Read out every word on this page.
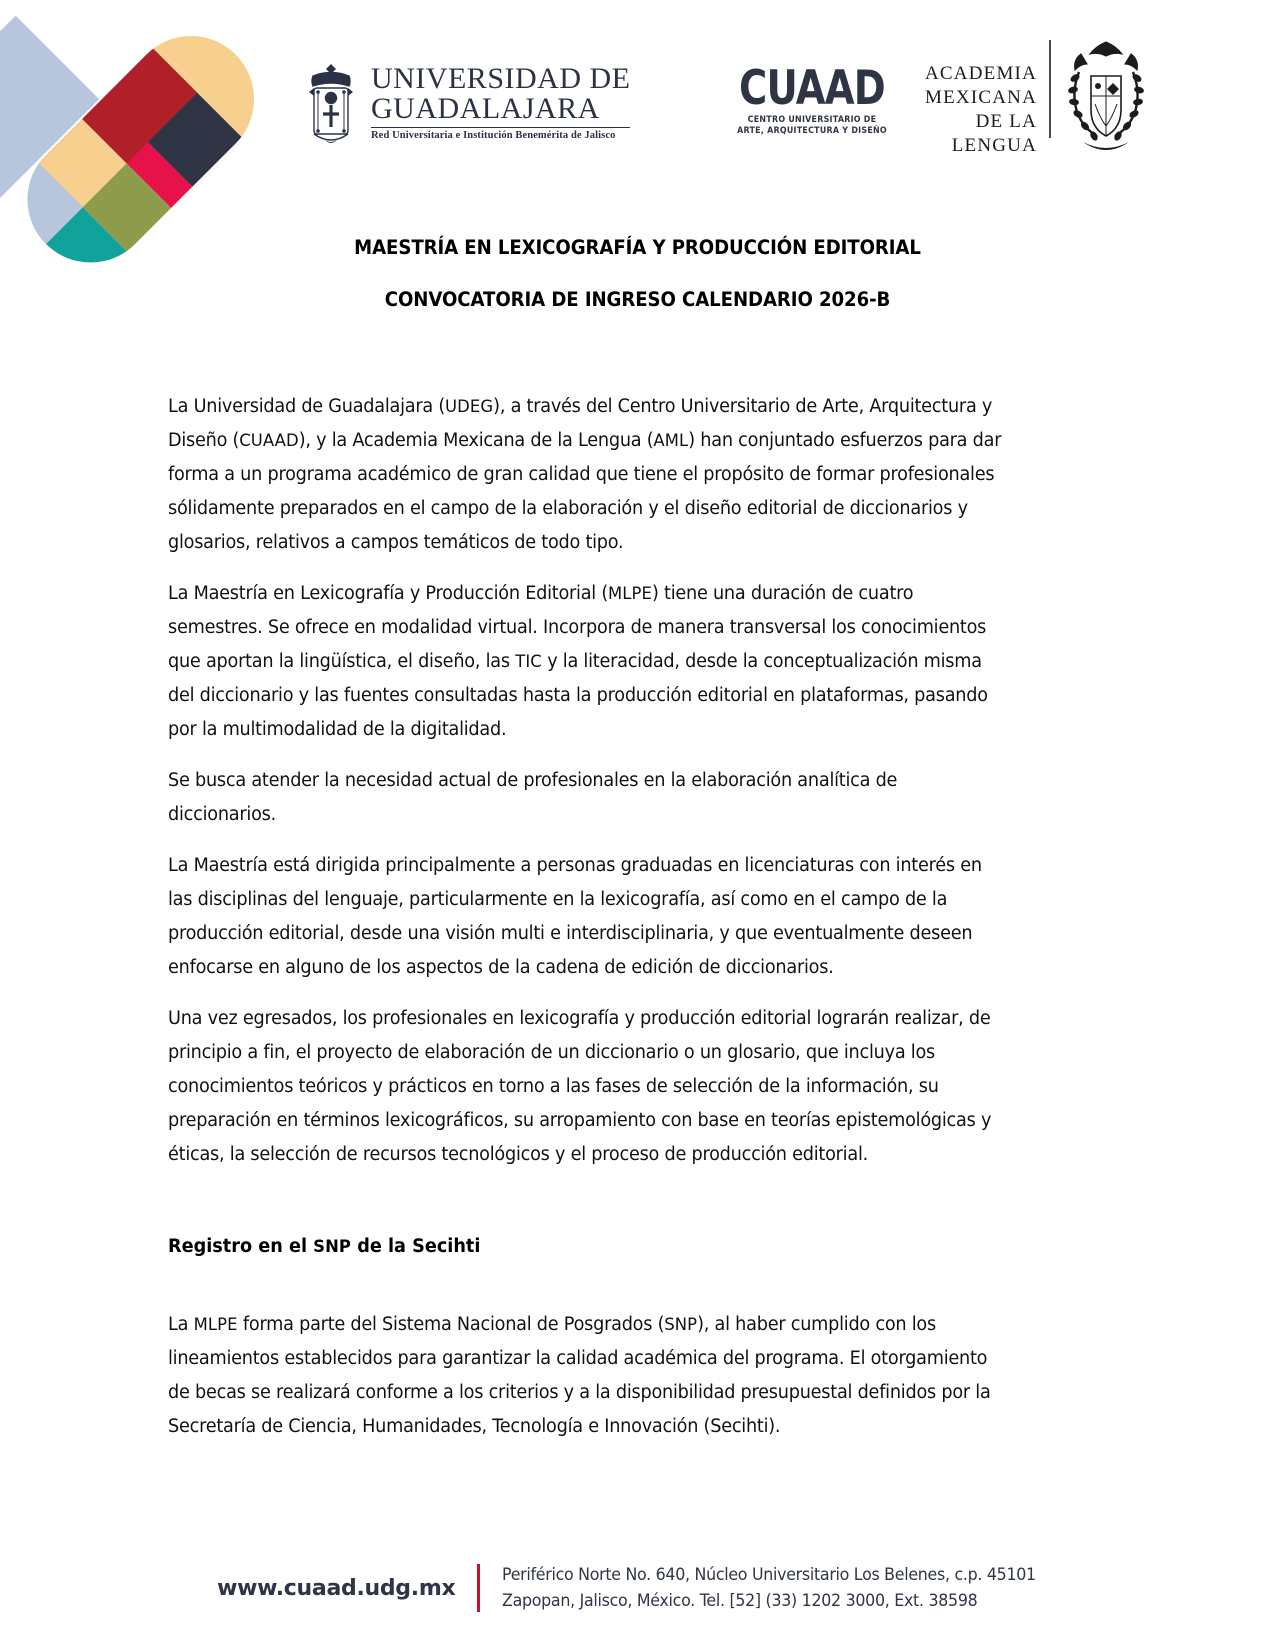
UNIVERSIDAD DE
GUADALAJARA
Red Universitaria e Institución Benemérita de Jalisco
CUAAD
CENTRO UNIVERSITARIO DE
ARTE, ARQUITECTURA Y DISEÑO
ACADEMIA
MEXICANA
DE LA
LENGUA
MAESTRÍA EN LEXICOGRAFÍA Y PRODUCCIÓN EDITORIAL
CONVOCATORIA DE INGRESO CALENDARIO 2026-B

La Universidad de Guadalajara (UDEG), a través del Centro Universitario de Arte, Arquitectura y Diseño (CUAAD), y la Academia Mexicana de la Lengua (AML) han conjuntado esfuerzos para dar forma a un programa académico de gran calidad que tiene el propósito de formar profesionales sólidamente preparados en el campo de la elaboración y el diseño editorial de diccionarios y glosarios, relativos a campos temáticos de todo tipo.

La Maestría en Lexicografía y Producción Editorial (MLPE) tiene una duración de cuatro semestres. Se ofrece en modalidad virtual. Incorpora de manera transversal los conocimientos que aportan la lingüística, el diseño, las TIC y la literacidad, desde la conceptualización misma del diccionario y las fuentes consultadas hasta la producción editorial en plataformas, pasando por la multimodalidad de la digitalidad.

Se busca atender la necesidad actual de profesionales en la elaboración analítica de diccionarios.

La Maestría está dirigida principalmente a personas graduadas en licenciaturas con interés en las disciplinas del lenguaje, particularmente en la lexicografía, así como en el campo de la producción editorial, desde una visión multi e interdisciplinaria, y que eventualmente deseen enfocarse en alguno de los aspectos de la cadena de edición de diccionarios.

Una vez egresados, los profesionales en lexicografía y producción editorial lograrán realizar, de principio a fin, el proyecto de elaboración de un diccionario o un glosario, que incluya los conocimientos teóricos y prácticos en torno a las fases de selección de la información, su preparación en términos lexicográficos, su arropamiento con base en teorías epistemológicas y éticas, la selección de recursos tecnológicos y el proceso de producción editorial.

Registro en el SNP de la Secihti

La MLPE forma parte del Sistema Nacional de Posgrados (SNP), al haber cumplido con los lineamientos establecidos para garantizar la calidad académica del programa. El otorgamiento de becas se realizará conforme a los criterios y a la disponibilidad presupuestal definidos por la Secretaría de Ciencia, Humanidades, Tecnología e Innovación (Secihti).

www.cuaad.udg.mx
Periférico Norte No. 640, Núcleo Universitario Los Belenes, c.p. 45101
Zapopan, Jalisco, México. Tel. [52] (33) 1202 3000, Ext. 38598
